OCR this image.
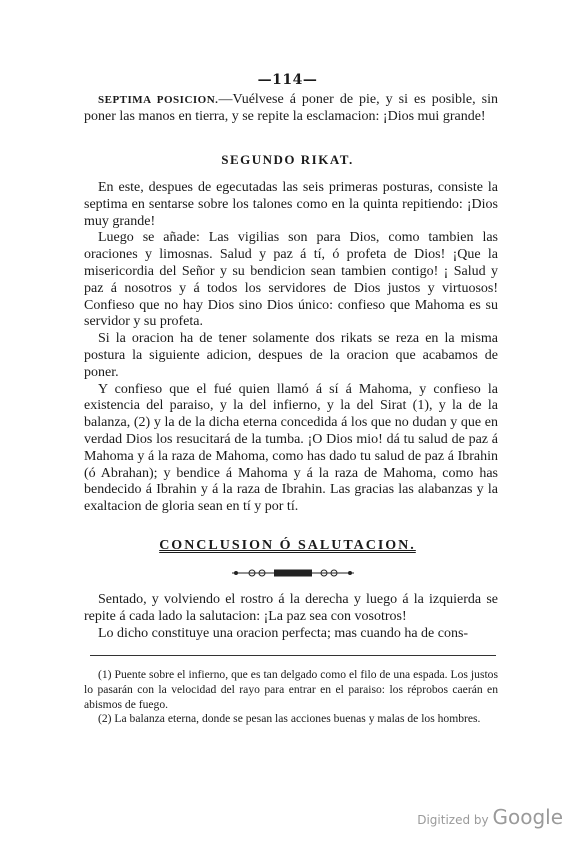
—114—

SEPTIMA POSICION.—Vuélvese á poner de pie, y si es posible, sin poner las manos en tierra, y se repite la esclamacion: ¡Dios mui grande!

SEGUNDO RIKAT.

En este, despues de egecutadas las seis primeras posturas, consiste la septima en sentarse sobre los talones como en la quinta repitiendo: ¡Dios muy grande!

Luego se añade: Las vigilias son para Dios, como tambien las oraciones y limosnas. Salud y paz á tí, ó profeta de Dios! ¡Que la misericordia del Señor y su bendicion sean tambien contigo! ¡ Salud y paz á nosotros y á todos los servidores de Dios justos y virtuosos! Confieso que no hay Dios sino Dios único: confieso que Mahoma es su servidor y su profeta.

Si la oracion ha de tener solamente dos rikats se reza en la misma postura la siguiente adicion, despues de la oracion que acabamos de poner.

Y confieso que el fué quien llamó á sí á Mahoma, y confieso la existencia del paraiso, y la del infierno, y la del Sirat (1), y la de la balanza, (2) y la de la dicha eterna concedida á los que no dudan y que en verdad Dios los resucitará de la tumba. ¡O Dios mio! dá tu salud de paz á Mahoma y á la raza de Mahoma, como has dado tu salud de paz á Ibrahin (ó Abrahan); y bendice á Mahoma y á la raza de Mahoma, como has bendecido á Ibrahin y á la raza de Ibrahin. Las gracias las alabanzas y la exaltacion de gloria sean en tí y por tí.

CONCLUSION Ó SALUTACION.

Sentado, y volviendo el rostro á la derecha y luego á la izquierda se repite á cada lado la salutacion: ¡La paz sea con vosotros!

Lo dicho constituye una oracion perfecta; mas cuando ha de cons-

(1) Puente sobre el infierno, que es tan delgado como el filo de una espada. Los justos lo pasarán con la velocidad del rayo para entrar en el paraiso: los réprobos caerán en abismos de fuego.

(2) La balanza eterna, donde se pesan las acciones buenas y malas de los hombres.

Digitized by Google
